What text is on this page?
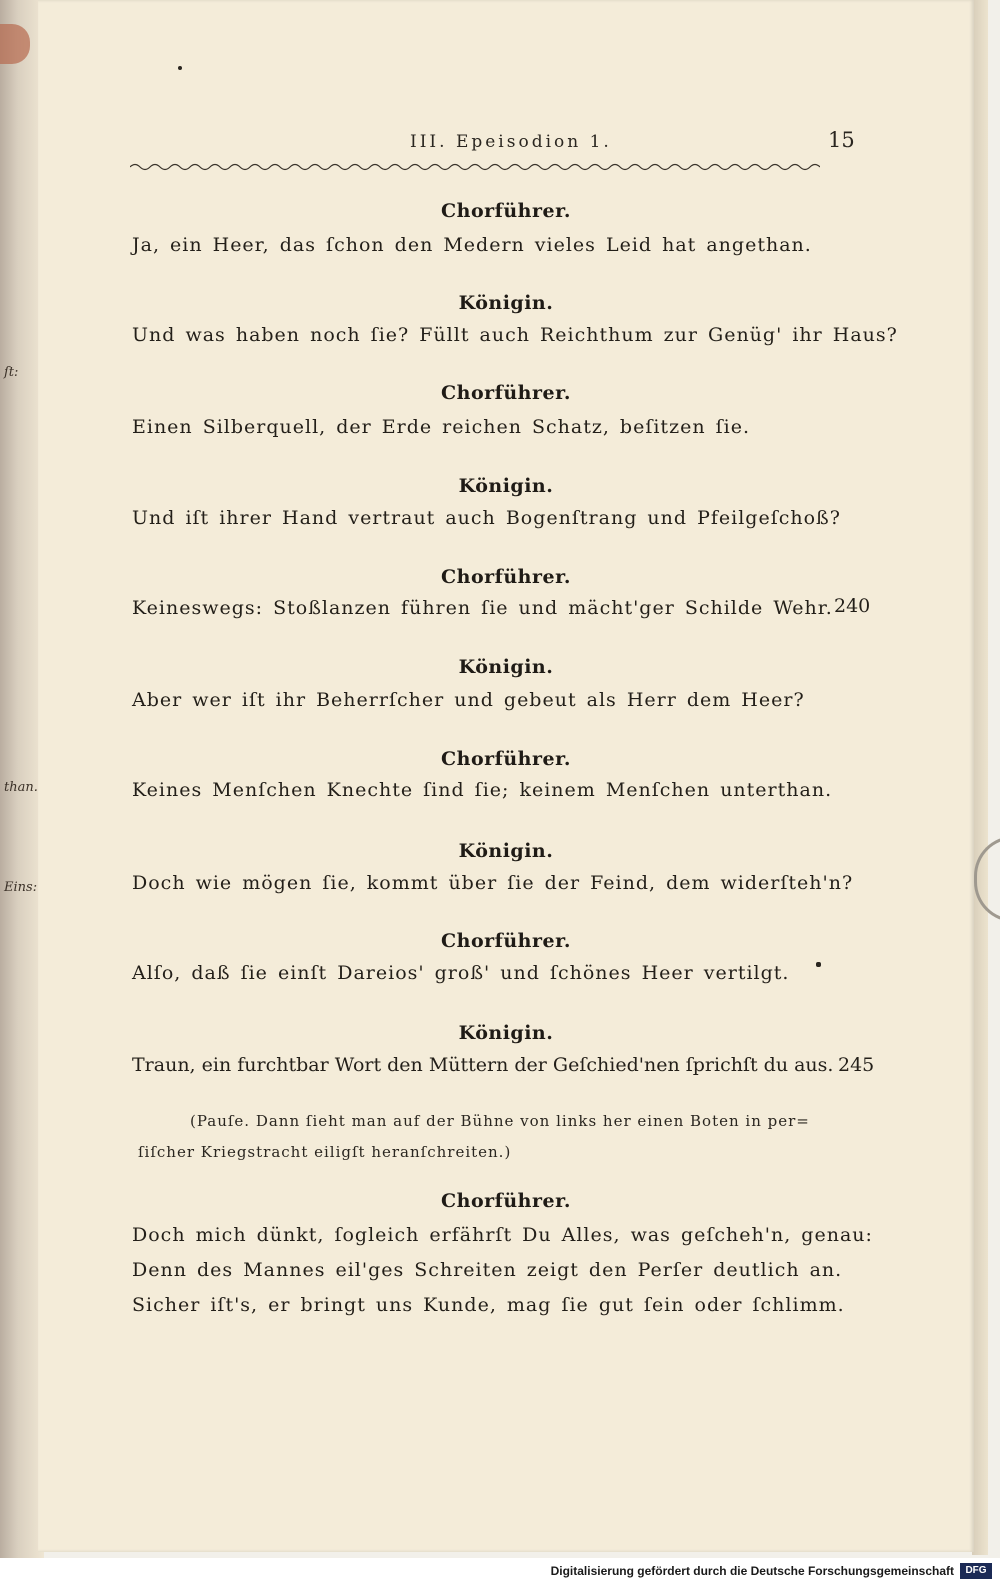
ſt:
than.
Eins:
III. Epeisodion 1.	15
Chorführer.
Ja, ein Heer, das ſchon den Medern vieles Leid hat angethan.
Königin.
Und was haben noch ſie? Füllt auch Reichthum zur Genüg' ihr Haus?
Chorführer.
Einen Silberquell, der Erde reichen Schatz, beſitzen ſie.
Königin.
Und iſt ihrer Hand vertraut auch Bogenſtrang und Pfeilgeſchoß?
Chorführer.
Keineswegs: Stoßlanzen führen ſie und mächt'ger Schilde Wehr. 240
Königin.
Aber wer iſt ihr Beherrſcher und gebeut als Herr dem Heer?
Chorführer.
Keines Menſchen Knechte ſind ſie; keinem Menſchen unterthan.
Königin.
Doch wie mögen ſie, kommt über ſie der Feind, dem widerſteh'n?
Chorführer.
Alſo, daß ſie einſt Dareios' groß' und ſchönes Heer vertilgt.
Königin.
Traun, ein furchtbar Wort den Müttern der Geſchied'nen ſprichſt du aus. 245
(Pauſe. Dann ſieht man auf der Bühne von links her einen Boten in per=
ſiſcher Kriegstracht eiligſt heranſchreiten.)
Chorführer.
Doch mich dünkt, ſogleich erfährſt Du Alles, was geſcheh'n, genau:
Denn des Mannes eil'ges Schreiten zeigt den Perſer deutlich an.
Sicher iſt's, er bringt uns Kunde, mag ſie gut ſein oder ſchlimm.
Digitalisierung gefördert durch die Deutsche Forschungsgemeinschaft	DFG
